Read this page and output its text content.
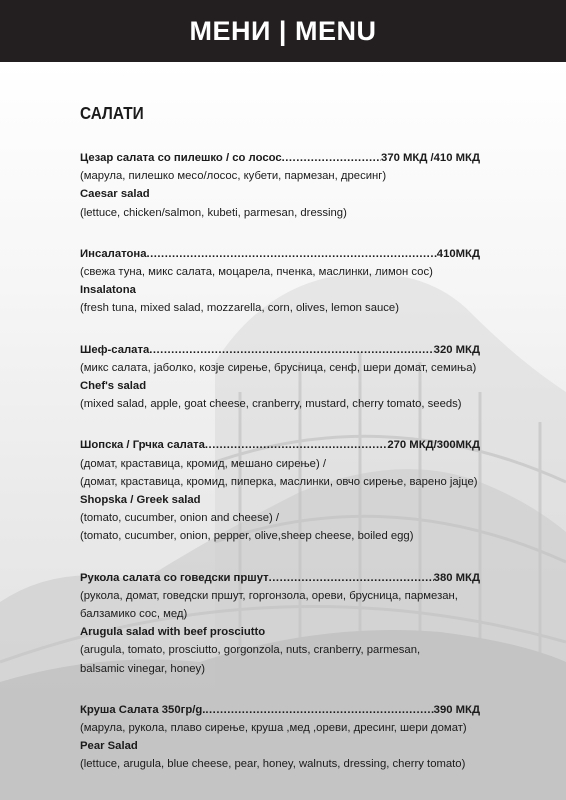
МЕНИ | MENU
САЛАТИ
Цезар салата со пилешко / со лосос .....	370 МКД /410 МКД
(марула, пилешко месо/лосос, кубети, пармезан, дресинг)
Caesar salad
(lettuce, chicken/salmon, kubeti, parmesan, dressing)
Инсалатона .....	410МКД
(свежа туна, микс салата, моцарела, пченка, маслинки, лимон сос)
Insalatona
(fresh tuna, mixed salad, mozzarella, corn, olives, lemon sauce)
Шеф-салата .....	320 МКД
(микс салата, јаболко, козје сирење, брусница, сенф, шери домат, семиња)
Chef's salad
(mixed salad, apple, goat cheese, cranberry, mustard, cherry tomato, seeds)
Шопска / Грчка салата .....	270 МКД/300МКД
(домат, краставица, кромид, мешано сирење) /
(домат, краставица, кромид, пиперка, маслинки, овчо сирење, варено јајце)
Shopska / Greek salad
(tomato, cucumber, onion and cheese) /
(tomato, cucumber, onion, pepper, olive,sheep cheese, boiled egg)
Рукола салата со говедски пршут .....	380 МКД
(рукола, домат, говедски пршут, горгонзола, ореви, брусница, пармезан,
балзамико сос, мед)
Arugula salad with beef prosciutto
(arugula, tomato, prosciutto, gorgonzola, nuts, cranberry, parmesan,
balsamic vinegar, honey)
Круша Салата 350гр/g. .....	390 МКД
(марула, рукола, плаво сирење, круша ,мед ,ореви, дресинг, шери домат)
Pear Salad
(lettuce, arugula, blue cheese, pear, honey, walnuts, dressing, cherry tomato)
